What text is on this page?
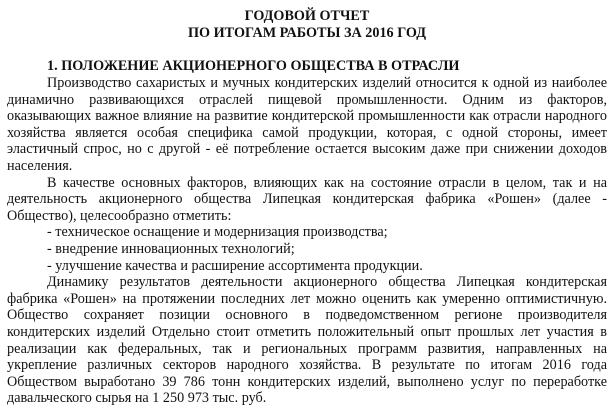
ГОДОВОЙ ОТЧЕТ

ПО ИТОГАМ РАБОТЫ ЗА 2016 ГОД

1. ПОЛОЖЕНИЕ АКЦИОНЕРНОГО ОБЩЕСТВА В ОТРАСЛИ

Производство сахаристых и мучных кондитерских изделий относится к одной из наиболее динамично развивающихся отраслей пищевой промышленности. Одним из факторов, оказывающих важное влияние на развитие кондитерской промышленности как отрасли народного хозяйства является особая специфика самой продукции, которая, с одной стороны, имеет эластичный спрос, но с другой - её потребление остается высоким даже при снижении доходов населения.

В качестве основных факторов, влияющих как на состояние отрасли в целом, так и на деятельность акционерного общества Липецкая кондитерская фабрика «Рошен» (далее - Общество), целесообразно отметить:

- техническое оснащение и модернизация производства;

- внедрение инновационных технологий;

- улучшение качества и расширение ассортимента продукции.

Динамику результатов деятельности акционерного общества Липецкая кондитерская фабрика «Рошен» на протяжении последних лет можно оценить как умеренно оптимистичную. Общество сохраняет позиции основного в подведомственном регионе производителя кондитерских изделий Отдельно стоит отметить положительный опыт прошлых лет участия в реализации как федеральных, так и региональных программ развития, направленных на укрепление различных секторов народного хозяйства. В результате по итогам 2016 года Обществом выработано 39 786 тонн кондитерских изделий, выполнено услуг по переработке давальческого сырья на 1 250 973 тыс. руб.
